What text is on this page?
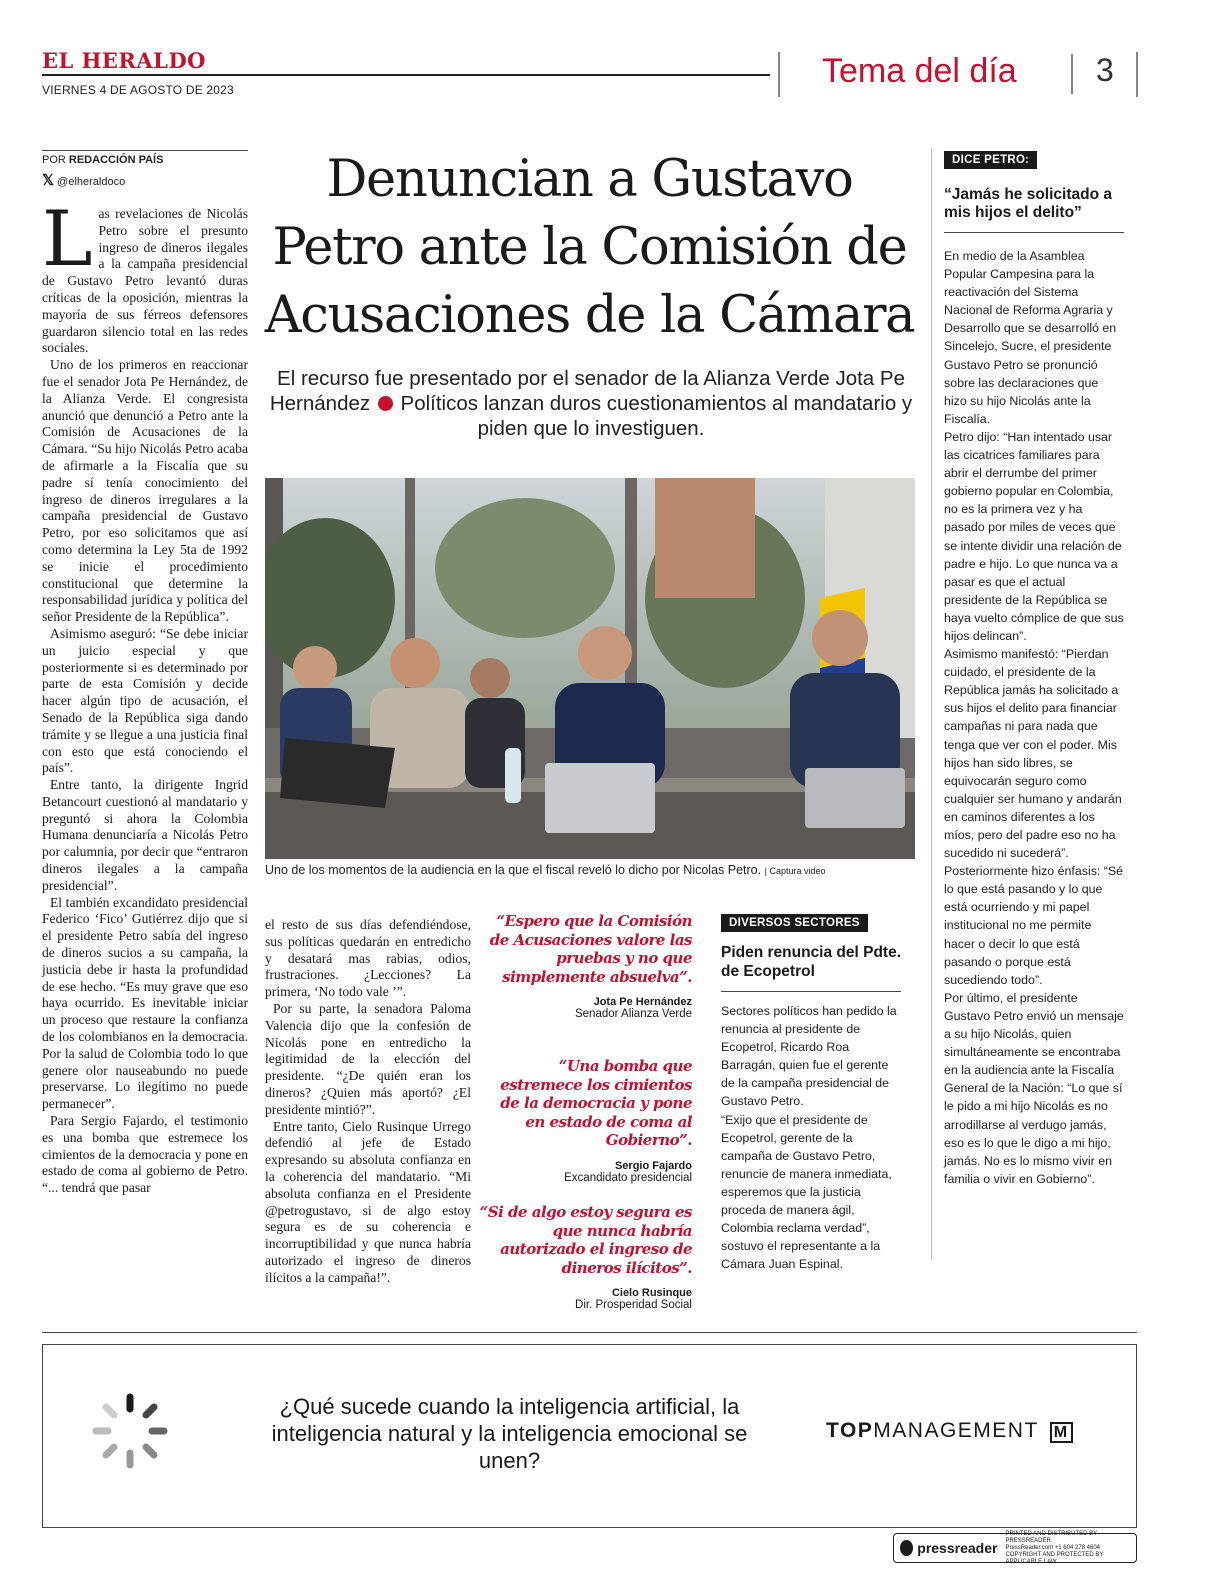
EL HERALDO
VIERNES 4 DE AGOSTO DE 2023	Tema del día 3
POR REDACCIÓN PAÍS
𝕏 @elheraldoco

Las revelaciones de Nicolás Petro sobre el presunto ingreso de dineros ilegales a la campaña presidencial de Gustavo Petro levantó duras críticas de la oposición, mientras la mayoría de sus férreos defensores guardaron silencio total en las redes sociales.

Uno de los primeros en reaccionar fue el senador Jota Pe Hernández, de la Alianza Verde. El congresista anunció que denunció a Petro ante la Comisión de Acusaciones de la Cámara. “Su hijo Nicolás Petro acaba de afirmarle a la Fiscalía que su padre sí tenía conocimiento del ingreso de dineros irregulares a la campaña presidencial de Gustavo Petro, por eso solicitamos que así como determina la Ley 5ta de 1992 se inicie el procedimiento constitucional que determine la responsabilidad jurídica y política del señor Presidente de la República”.

Asimismo aseguró: “Se debe iniciar un juicio especial y que posteriormente si es determinado por parte de esta Comisión y decide hacer algún tipo de acusación, el Senado de la República siga dando trámite y se llegue a una justicia final con esto que está conociendo el país”.

Entre tanto, la dirigente Ingrid Betancourt cuestionó al mandatario y preguntó si ahora la Colombia Humana denunciaría a Nicolás Petro por calumnia, por decir que “entraron dineros ilegales a la campaña presidencial”.

El también excandidato presidencial Federico ‘Fico’ Gutiérrez dijo que si el presidente Petro sabía del ingreso de dineros sucios a su campaña, la justicia debe ir hasta la profundidad de ese hecho. “Es muy grave que eso haya ocurrido. Es inevitable iniciar un proceso que restaure la confianza de los colombianos en la democracia. Por la salud de Colombia todo lo que genere olor nauseabundo no puede preservarse. Lo ilegítimo no puede permanecer”.

Para Sergio Fajardo, el testimonio es una bomba que estremece los cimientos de la democracia y pone en estado de coma al gobierno de Petro. “... tendrá que pasar

Denuncian a Gustavo Petro ante la Comisión de Acusaciones de la Cámara
El recurso fue presentado por el senador de la Alianza Verde Jota Pe Hernández Políticos lanzan duros cuestionamientos al mandatario y piden que lo investiguen.
Uno de los momentos de la audiencia en la que el fiscal reveló lo dicho por Nicolas Petro. | Captura video

el resto de sus días defendiéndose, sus políticas quedarán en entredicho y desatará mas rabias, odios, frustraciones. ¿Lecciones? La primera, ‘No todo vale ’”.

Por su parte, la senadora Paloma Valencia dijo que la confesión de Nicolás pone en entredicho la legitimidad de la elección del presidente. “¿De quién eran los dineros? ¿Quien más aportó? ¿El presidente mintió?”.

Entre tanto, Cielo Rusinque Urrego defendió al jefe de Estado expresando su absoluta confianza en la coherencia del mandatario. “Mi absoluta confianza en el Presidente @petrogustavo, si de algo estoy segura es de su coherencia e incorruptibilidad y que nunca habría autorizado el ingreso de dineros ilícitos a la campaña!”.

“Espero que la Comisión de Acusaciones valore las pruebas y no que simplemente absuelva”.
Jota Pe Hernández
Senador Alianza Verde
“Una bomba que estremece los cimientos de la democracia y pone en estado de coma al Gobierno”.
Sergio Fajardo
Excandidato presidencial
“Si de algo estoy segura es que nunca habría autorizado el ingreso de dineros ilícitos”.
Cielo Rusinque
Dir. Prosperidad Social
DIVERSOS SECTORES
Piden renuncia del Pdte. de Ecopetrol

Sectores políticos han pedido la renuncia al presidente de Ecopetrol, Ricardo Roa Barragán, quien fue el gerente de la campaña presidencial de Gustavo Petro.

“Exijo que el presidente de Ecopetrol, gerente de la campaña de Gustavo Petro, renuncie de manera inmediata, esperemos que la justicia proceda de manera ágil, Colombia reclama verdad”, sostuvo el representante a la Cámara Juan Espinal.

DICE PETRO:
“Jamás he solicitado a mis hijos el delito”

En medio de la Asamblea Popular Campesina para la reactivación del Sistema Nacional de Reforma Agraria y Desarrollo que se desarrolló en Sincelejo, Sucre, el presidente Gustavo Petro se pronunció sobre las declaraciones que hizo su hijo Nicolás ante la Fiscalía.

Petro dijo: “Han intentado usar las cicatrices familiares para abrir el derrumbe del primer gobierno popular en Colombia, no es la primera vez y ha pasado por miles de veces que se intente dividir una relación de padre e hijo. Lo que nunca va a pasar es que el actual presidente de la República se haya vuelto cómplice de que sus hijos delincan”.

Asimismo manifestó: “Pierdan cuidado, el presidente de la República jamás ha solicitado a sus hijos el delito para financiar campañas ni para nada que tenga que ver con el poder. Mis hijos han sido libres, se equivocarán seguro como cualquier ser humano y andarán en caminos diferentes a los míos, pero del padre eso no ha sucedido ni sucederá”.

Posteriormente hizo énfasis: “Sé lo que está pasando y lo que está ocurriendo y mi papel institucional no me permite hacer o decir lo que está pasando o porque está sucediendo todo”.

Por último, el presidente Gustavo Petro envió un mensaje a su hijo Nicolás, quien simultáneamente se encontraba en la audiencia ante la Fiscalía General de la Nación: “Lo que sí le pido a mi hijo Nicolás es no arrodillarse al verdugo jamás, eso es lo que le digo a mi hijo, jamás. No es lo mismo vivir en familia o vivir en Gobierno”.

¿Qué sucede cuando la inteligencia artificial, la inteligencia natural y la inteligencia emocional se unen?
TOPMANAGEMENT M
pressreader
PRINTED AND DISTRIBUTED BY PRESSREADER
PressReader.com +1 604 278 4604
COPYRIGHT AND PROTECTED BY APPLICABLE LAW
